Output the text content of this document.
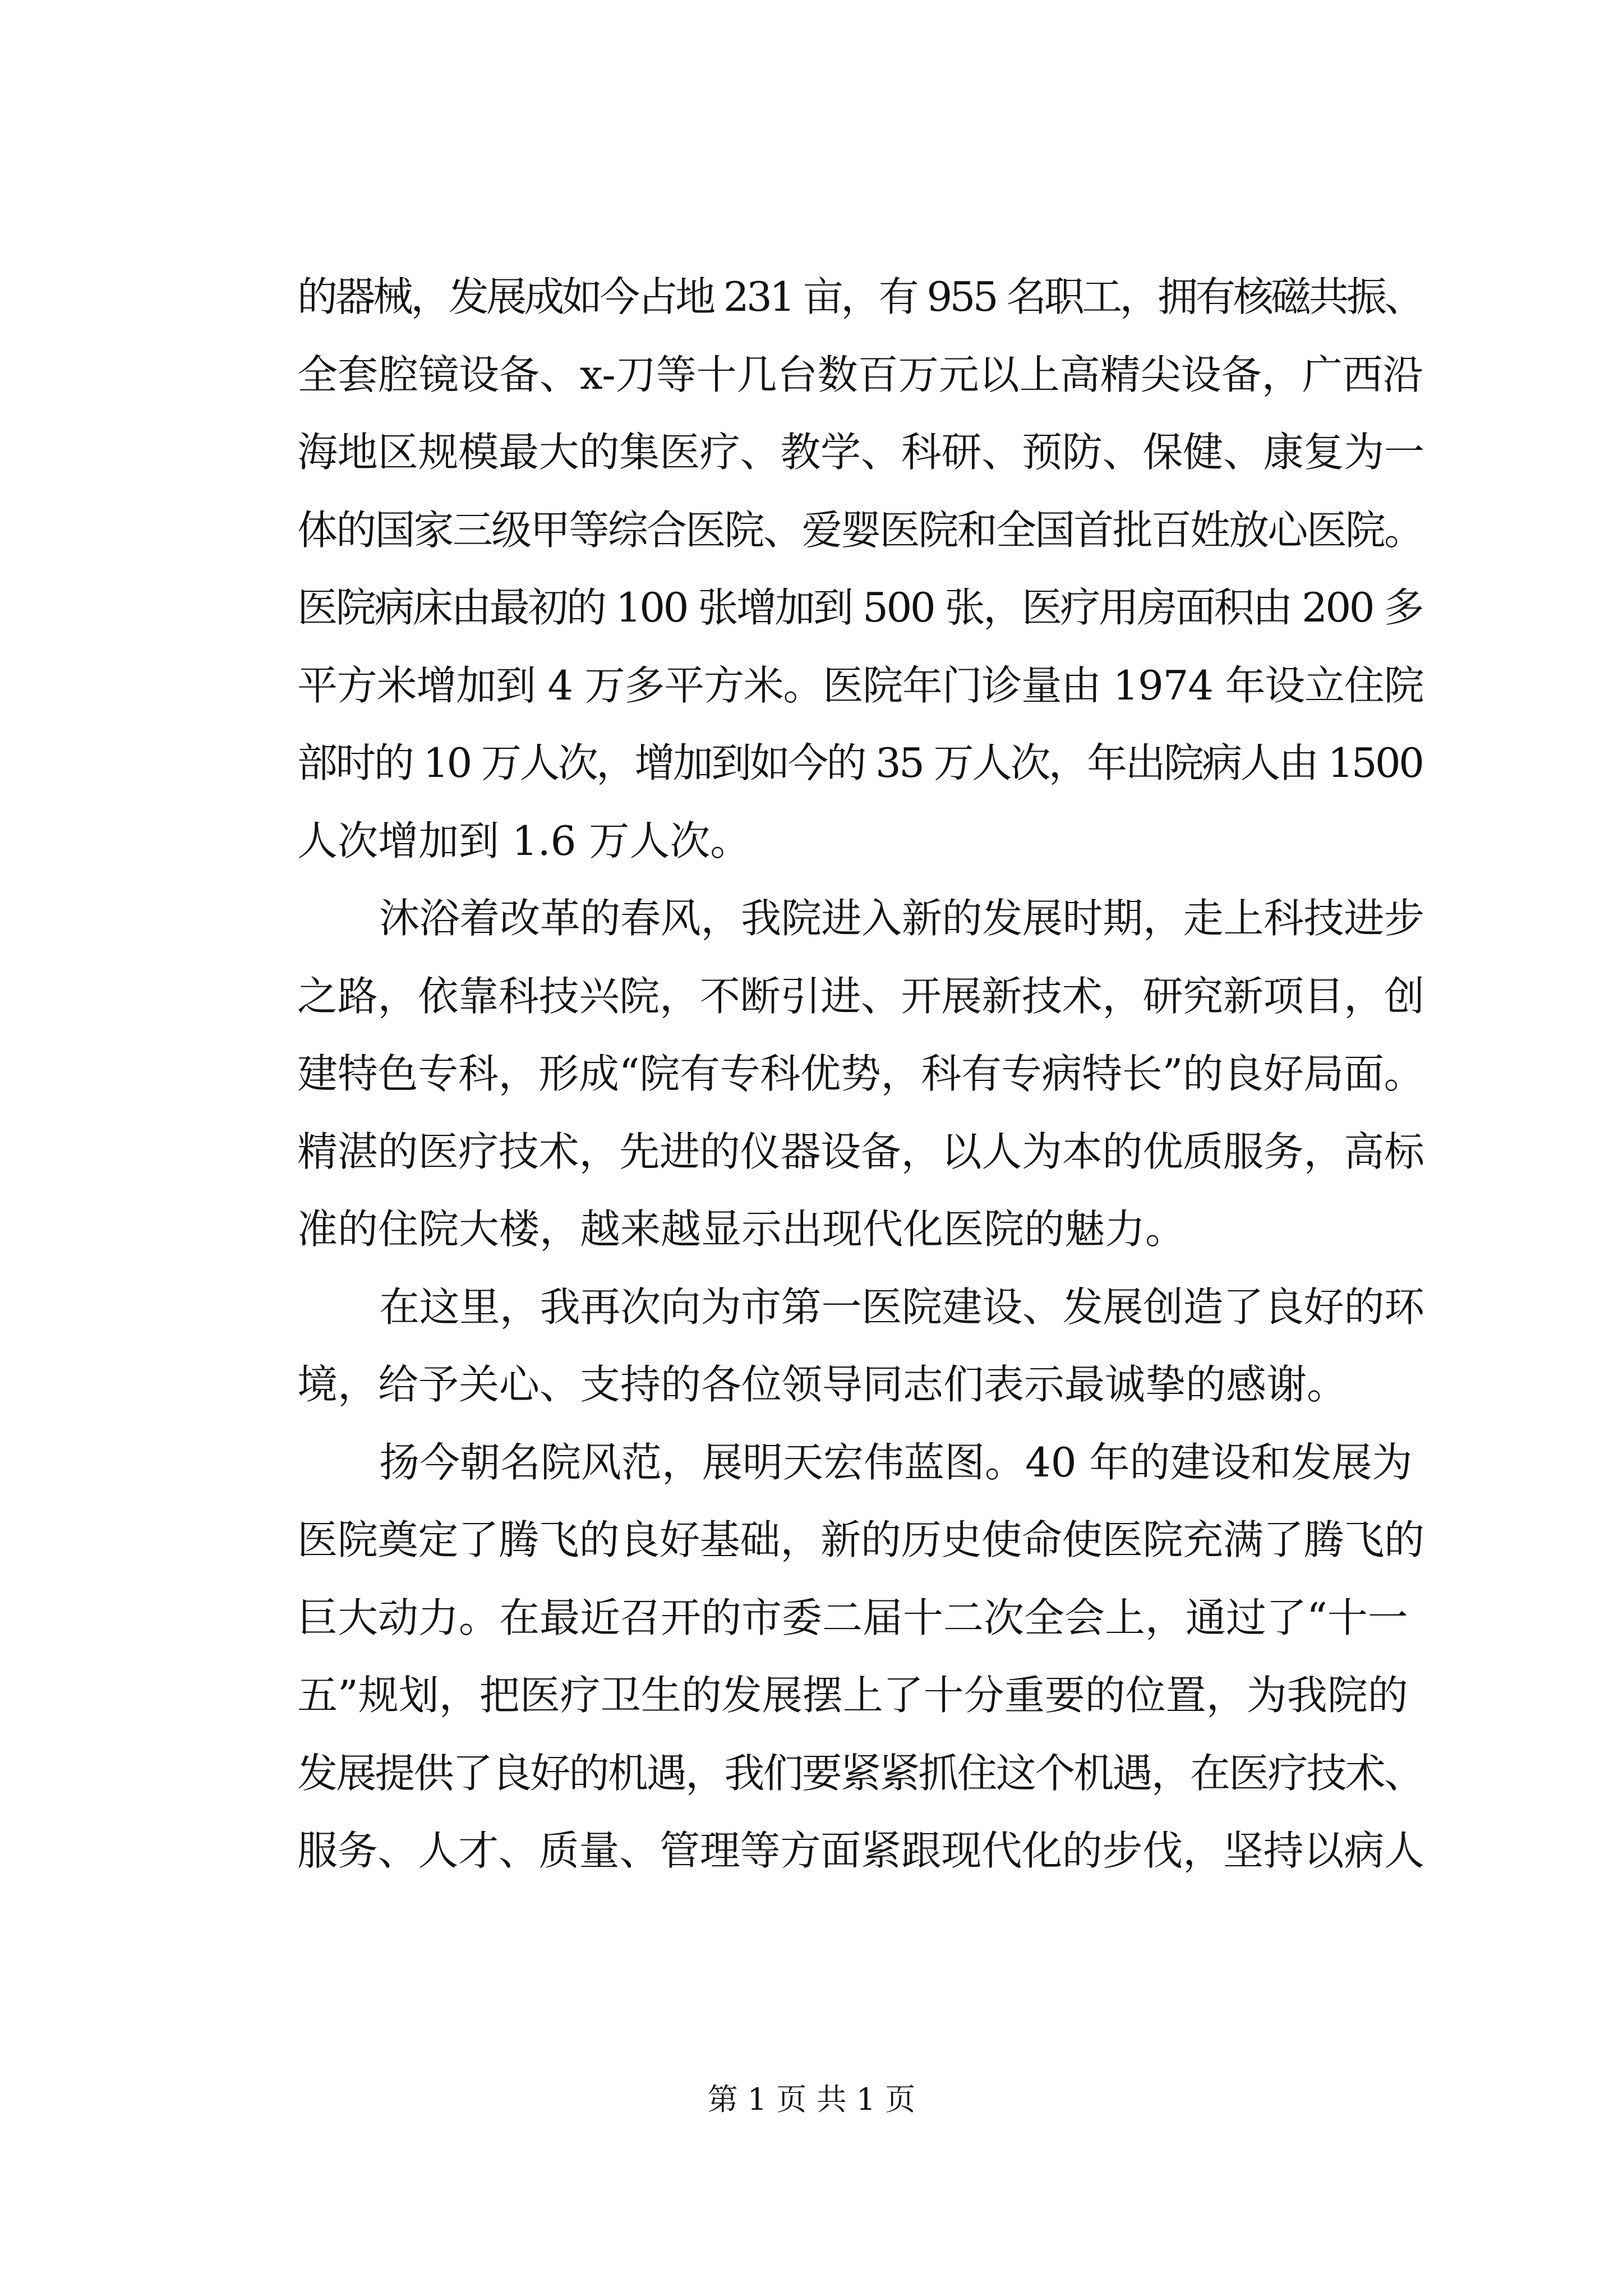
的器械，发展成如今占地 231 亩，有 955 名职工，拥有核磁共振、
全套腔镜设备、x-刀等十几台数百万元以上高精尖设备，广西沿
海地区规模最大的集医疗、教学、科研、预防、保健、康复为一
体的国家三级甲等综合医院、爱婴医院和全国首批百姓放心医院。
医院病床由最初的 100 张增加到 500 张，医疗用房面积由 200 多
平方米增加到 4 万多平方米。医院年门诊量由 1974 年设立住院
部时的 10 万人次，增加到如今的 35 万人次，年出院病人由 1500
人次增加到 1.6 万人次。
沐浴着改革的春风，我院进入新的发展时期，走上科技进步
之路，依靠科技兴院，不断引进、开展新技术，研究新项目，创
建特色专科，形成“院有专科优势，科有专病特长”的良好局面。
精湛的医疗技术，先进的仪器设备，以人为本的优质服务，高标
准的住院大楼，越来越显示出现代化医院的魅力。
在这里，我再次向为市第一医院建设、发展创造了良好的环
境，给予关心、支持的各位领导同志们表示最诚挚的感谢。
扬今朝名院风范，展明天宏伟蓝图。40 年的建设和发展为
医院奠定了腾飞的良好基础，新的历史使命使医院充满了腾飞的
巨大动力。在最近召开的市委二届十二次全会上，通过了“十一
五”规划，把医疗卫生的发展摆上了十分重要的位置，为我院的
发展提供了良好的机遇，我们要紧紧抓住这个机遇，在医疗技术、
服务、人才、质量、管理等方面紧跟现代化的步伐，坚持以病人
第 1 页 共 1 页
